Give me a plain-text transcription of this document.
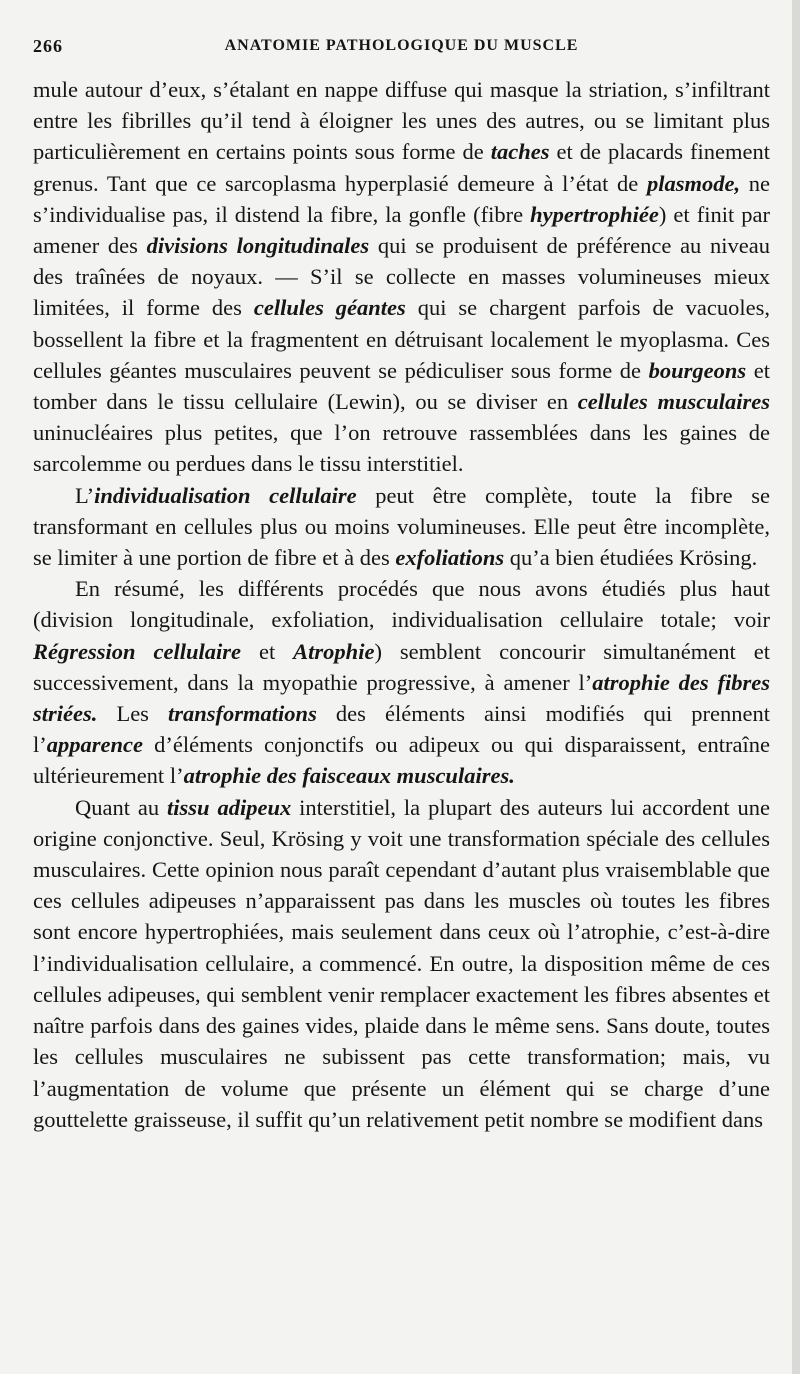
266	ANATOMIE PATHOLOGIQUE DU MUSCLE

mule autour d’eux, s’étalant en nappe diffuse qui masque la striation, s’infiltrant entre les fibrilles qu’il tend à éloigner les unes des autres, ou se limitant plus particulièrement en certains points sous forme de taches et de placards finement grenus. Tant que ce sarcoplasma hyperplasié demeure à l’état de plasmode, ne s’individualise pas, il distend la fibre, la gonfle (fibre hypertrophiée) et finit par amener des divisions longitudinales qui se produisent de préférence au niveau des traînées de noyaux. — S’il se collecte en masses volumineuses mieux limitées, il forme des cellules géantes qui se chargent parfois de vacuoles, bossellent la fibre et la fragmentent en détruisant localement le myoplasma. Ces cellules géantes musculaires peuvent se pédiculiser sous forme de bourgeons et tomber dans le tissu cellulaire (Lewin), ou se diviser en cellules musculaires uninucléaires plus petites, que l’on retrouve rassemblées dans les gaines de sarcolemme ou perdues dans le tissu interstitiel.

L’individualisation cellulaire peut être complète, toute la fibre se transformant en cellules plus ou moins volumineuses. Elle peut être incomplète, se limiter à une portion de fibre et à des exfoliations qu’a bien étudiées Krösing.

En résumé, les différents procédés que nous avons étudiés plus haut (division longitudinale, exfoliation, individualisation cellulaire totale; voir Régression cellulaire et Atrophie) semblent concourir simultanément et successivement, dans la myopathie progressive, à amener l’atrophie des fibres striées. Les transformations des éléments ainsi modifiés qui prennent l’apparence d’éléments conjonctifs ou adipeux ou qui disparaissent, entraîne ultérieurement l’atrophie des faisceaux musculaires.

Quant au tissu adipeux interstitiel, la plupart des auteurs lui accordent une origine conjonctive. Seul, Krösing y voit une transformation spéciale des cellules musculaires. Cette opinion nous paraît cependant d’autant plus vraisemblable que ces cellules adipeuses n’apparaissent pas dans les muscles où toutes les fibres sont encore hypertrophiées, mais seulement dans ceux où l’atrophie, c’est-à-dire l’individualisation cellulaire, a commencé. En outre, la disposition même de ces cellules adipeuses, qui semblent venir remplacer exactement les fibres absentes et naître parfois dans des gaines vides, plaide dans le même sens. Sans doute, toutes les cellules musculaires ne subissent pas cette transformation; mais, vu l’augmentation de volume que présente un élément qui se charge d’une gouttelette graisseuse, il suffit qu’un relativement petit nombre se modifient dans
